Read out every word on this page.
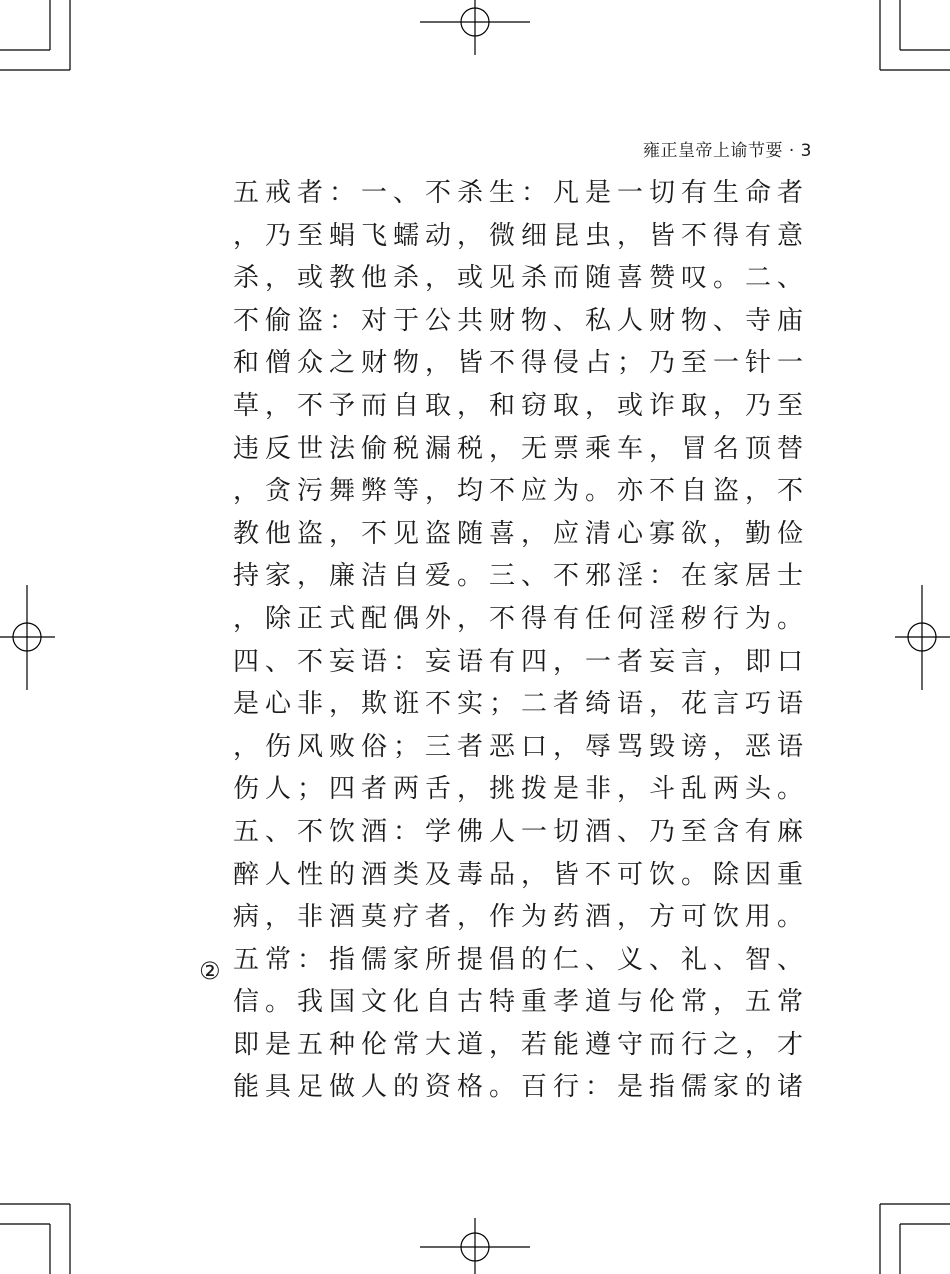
雍正皇帝上谕节要 · 3
②
五戒者：一、不杀生：凡是一切有生命者
，乃至蜎飞蠕动，微细昆虫，皆不得有意
杀，或教他杀，或见杀而随喜赞叹。二、
不偷盗：对于公共财物、私人财物、寺庙
和僧众之财物，皆不得侵占；乃至一针一
草，不予而自取，和窃取，或诈取，乃至
违反世法偷税漏税，无票乘车，冒名顶替
，贪污舞弊等，均不应为。亦不自盗，不
教他盗，不见盗随喜，应清心寡欲，勤俭
持家，廉洁自爱。三、不邪淫：在家居士
，除正式配偶外，不得有任何淫秽行为。
四、不妄语：妄语有四，一者妄言，即口
是心非，欺诳不实；二者绮语，花言巧语
，伤风败俗；三者恶口，辱骂毁谤，恶语
伤人；四者两舌，挑拨是非，斗乱两头。
五、不饮酒：学佛人一切酒、乃至含有麻
醉人性的酒类及毒品，皆不可饮。除因重
病，非酒莫疗者，作为药酒，方可饮用。
五常：指儒家所提倡的仁、义、礼、智、
信。我国文化自古特重孝道与伦常，五常
即是五种伦常大道，若能遵守而行之，才
能具足做人的资格。百行：是指儒家的诸
